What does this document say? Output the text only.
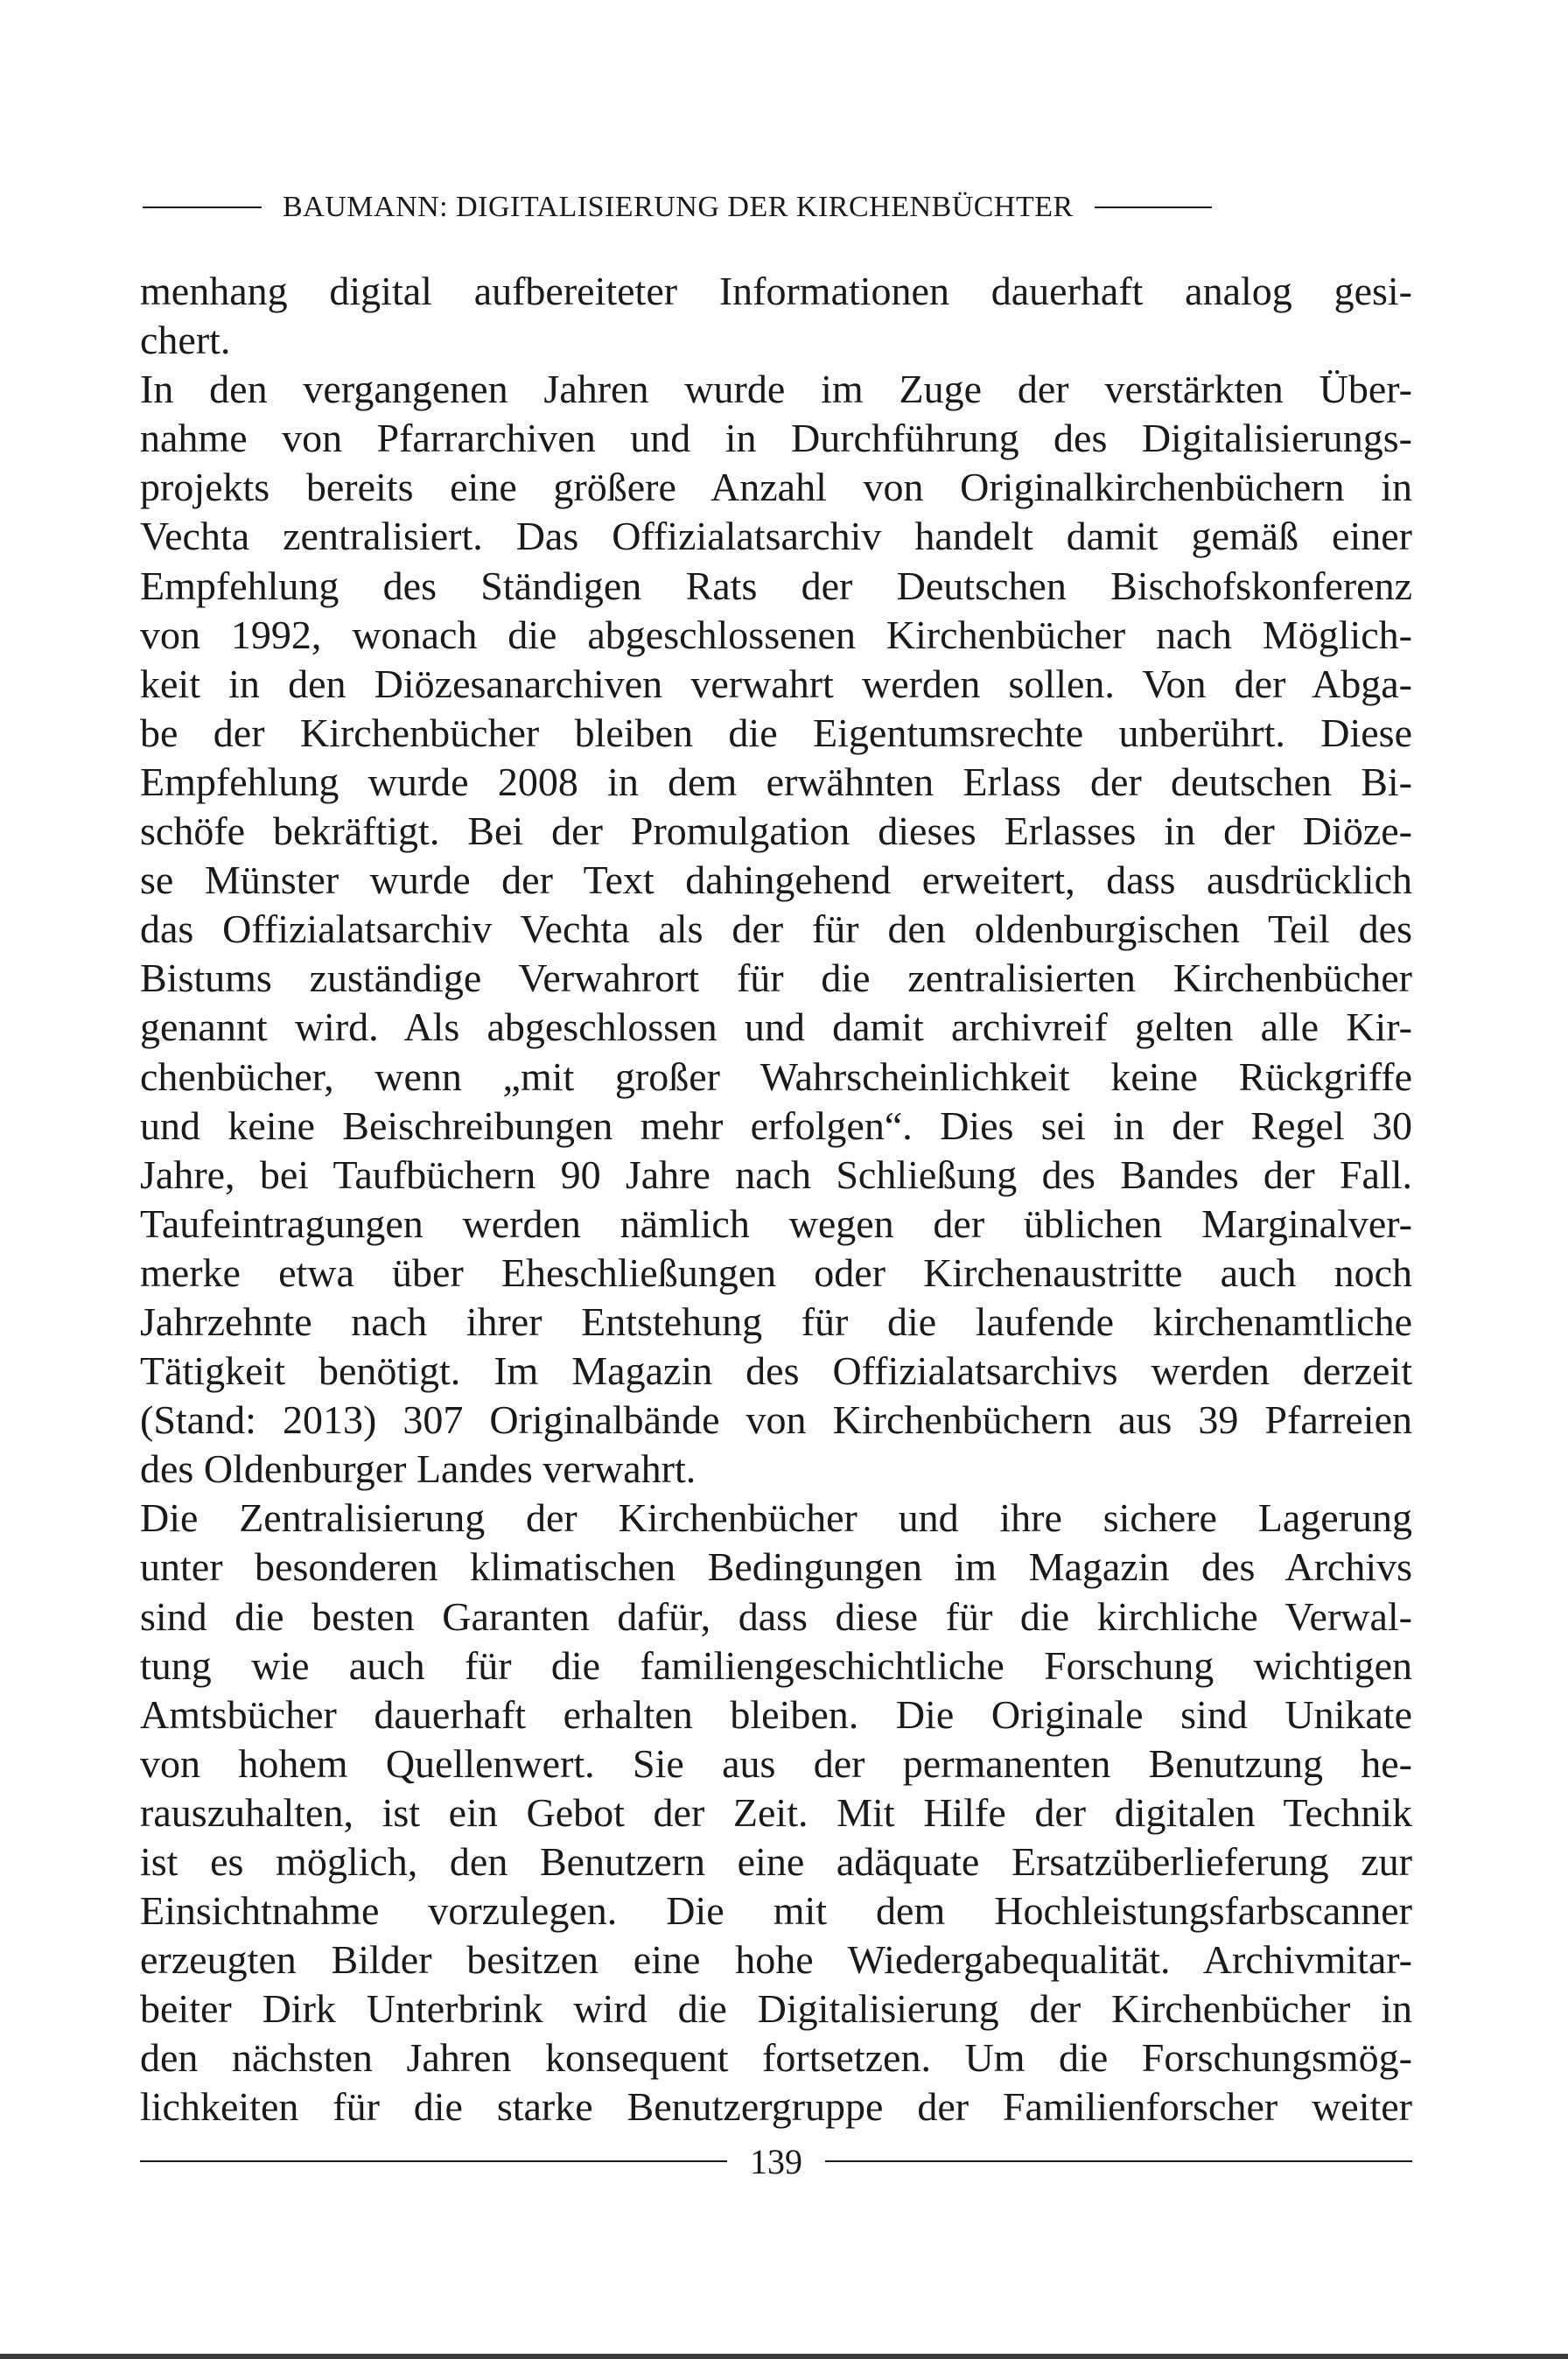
BAUMANN: DIGITALISIERUNG DER KIRCHENBÜCHTER
menhang digital aufbereiteter Informationen dauerhaft analog gesi-
chert.
In den vergangenen Jahren wurde im Zuge der verstärkten Über-
nahme von Pfarrarchiven und in Durchführung des Digitalisierungs-
projekts bereits eine größere Anzahl von Originalkirchenbüchern in
Vechta zentralisiert. Das Offizialatsarchiv handelt damit gemäß einer
Empfehlung des Ständigen Rats der Deutschen Bischofskonferenz
von 1992, wonach die abgeschlossenen Kirchenbücher nach Möglich-
keit in den Diözesanarchiven verwahrt werden sollen. Von der Abga-
be der Kirchenbücher bleiben die Eigentumsrechte unberührt. Diese
Empfehlung wurde 2008 in dem erwähnten Erlass der deutschen Bi-
schöfe bekräftigt. Bei der Promulgation dieses Erlasses in der Diöze-
se Münster wurde der Text dahingehend erweitert, dass ausdrücklich
das Offizialatsarchiv Vechta als der für den oldenburgischen Teil des
Bistums zuständige Verwahrort für die zentralisierten Kirchenbücher
genannt wird. Als abgeschlossen und damit archivreif gelten alle Kir-
chenbücher, wenn „mit großer Wahrscheinlichkeit keine Rückgriffe
und keine Beischreibungen mehr erfolgen“. Dies sei in der Regel 30
Jahre, bei Taufbüchern 90 Jahre nach Schließung des Bandes der Fall.
Taufeintragungen werden nämlich wegen der üblichen Marginalver-
merke etwa über Eheschließungen oder Kirchenaustritte auch noch
Jahrzehnte nach ihrer Entstehung für die laufende kirchenamtliche
Tätigkeit benötigt. Im Magazin des Offizialatsarchivs werden derzeit
(Stand: 2013) 307 Originalbände von Kirchenbüchern aus 39 Pfarreien
des Oldenburger Landes verwahrt.
Die Zentralisierung der Kirchenbücher und ihre sichere Lagerung
unter besonderen klimatischen Bedingungen im Magazin des Archivs
sind die besten Garanten dafür, dass diese für die kirchliche Verwal-
tung wie auch für die familiengeschichtliche Forschung wichtigen
Amtsbücher dauerhaft erhalten bleiben. Die Originale sind Unikate
von hohem Quellenwert. Sie aus der permanenten Benutzung he-
rauszuhalten, ist ein Gebot der Zeit. Mit Hilfe der digitalen Technik
ist es möglich, den Benutzern eine adäquate Ersatzüberlieferung zur
Einsichtnahme vorzulegen. Die mit dem Hochleistungsfarbscanner
erzeugten Bilder besitzen eine hohe Wiedergabequalität. Archivmitar-
beiter Dirk Unterbrink wird die Digitalisierung der Kirchenbücher in
den nächsten Jahren konsequent fortsetzen. Um die Forschungsmög-
lichkeiten für die starke Benutzergruppe der Familienforscher weiter
139
